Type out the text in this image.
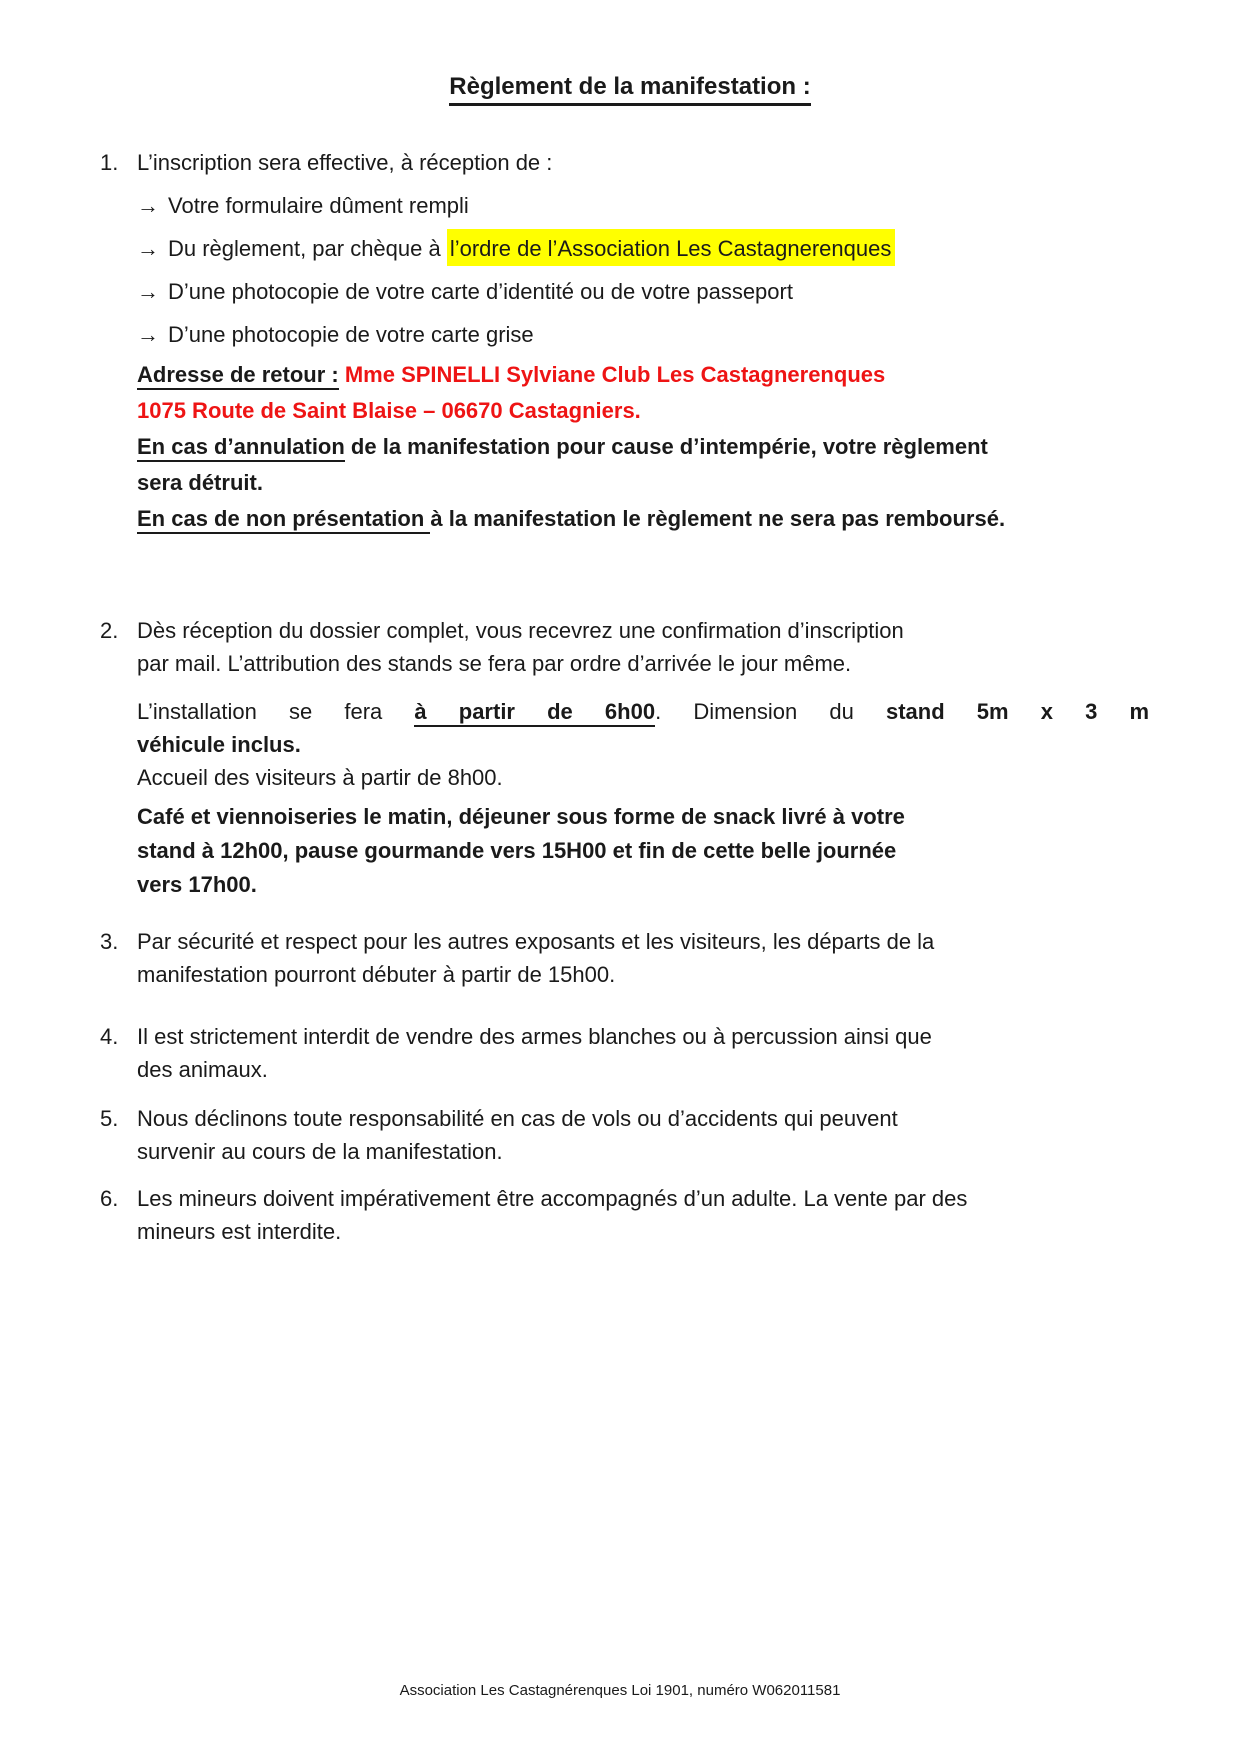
Règlement de la manifestation :
1. L’inscription sera effective, à réception de :
→ Votre formulaire dûment rempli
→ Du règlement, par chèque à l’ordre de l’Association Les Castagnerenques
→ D’une photocopie de votre carte d’identité ou de votre passeport
→ D’une photocopie de votre carte grise
Adresse de retour : Mme SPINELLI Sylviane Club Les Castagnerenques
1075 Route de Saint Blaise – 06670 Castagniers.
En cas d’annulation de la manifestation pour cause d’intempérie, votre règlement
sera détruit.
En cas de non présentation à la manifestation le règlement ne sera pas remboursé.
2. Dès réception du dossier complet, vous recevrez une confirmation d’inscription
par mail. L’attribution des stands se fera par ordre d’arrivée le jour même.
L’installation se fera à partir de 6h00. Dimension du stand 5m x 3 m
véhicule inclus.
Accueil des visiteurs à partir de 8h00.
Café et viennoiseries le matin, déjeuner sous forme de snack livré à votre
stand à 12h00, pause gourmande vers 15H00 et fin de cette belle journée
vers 17h00.
3. Par sécurité et respect pour les autres exposants et les visiteurs, les départs de la
manifestation pourront débuter à partir de 15h00.
4. Il est strictement interdit de vendre des armes blanches ou à percussion ainsi que
des animaux.
5. Nous déclinons toute responsabilité en cas de vols ou d’accidents qui peuvent
survenir au cours de la manifestation.
6. Les mineurs doivent impérativement être accompagnés d’un adulte. La vente par des
mineurs est interdite.
Association Les Castagnérenques Loi 1901, numéro W062011581
